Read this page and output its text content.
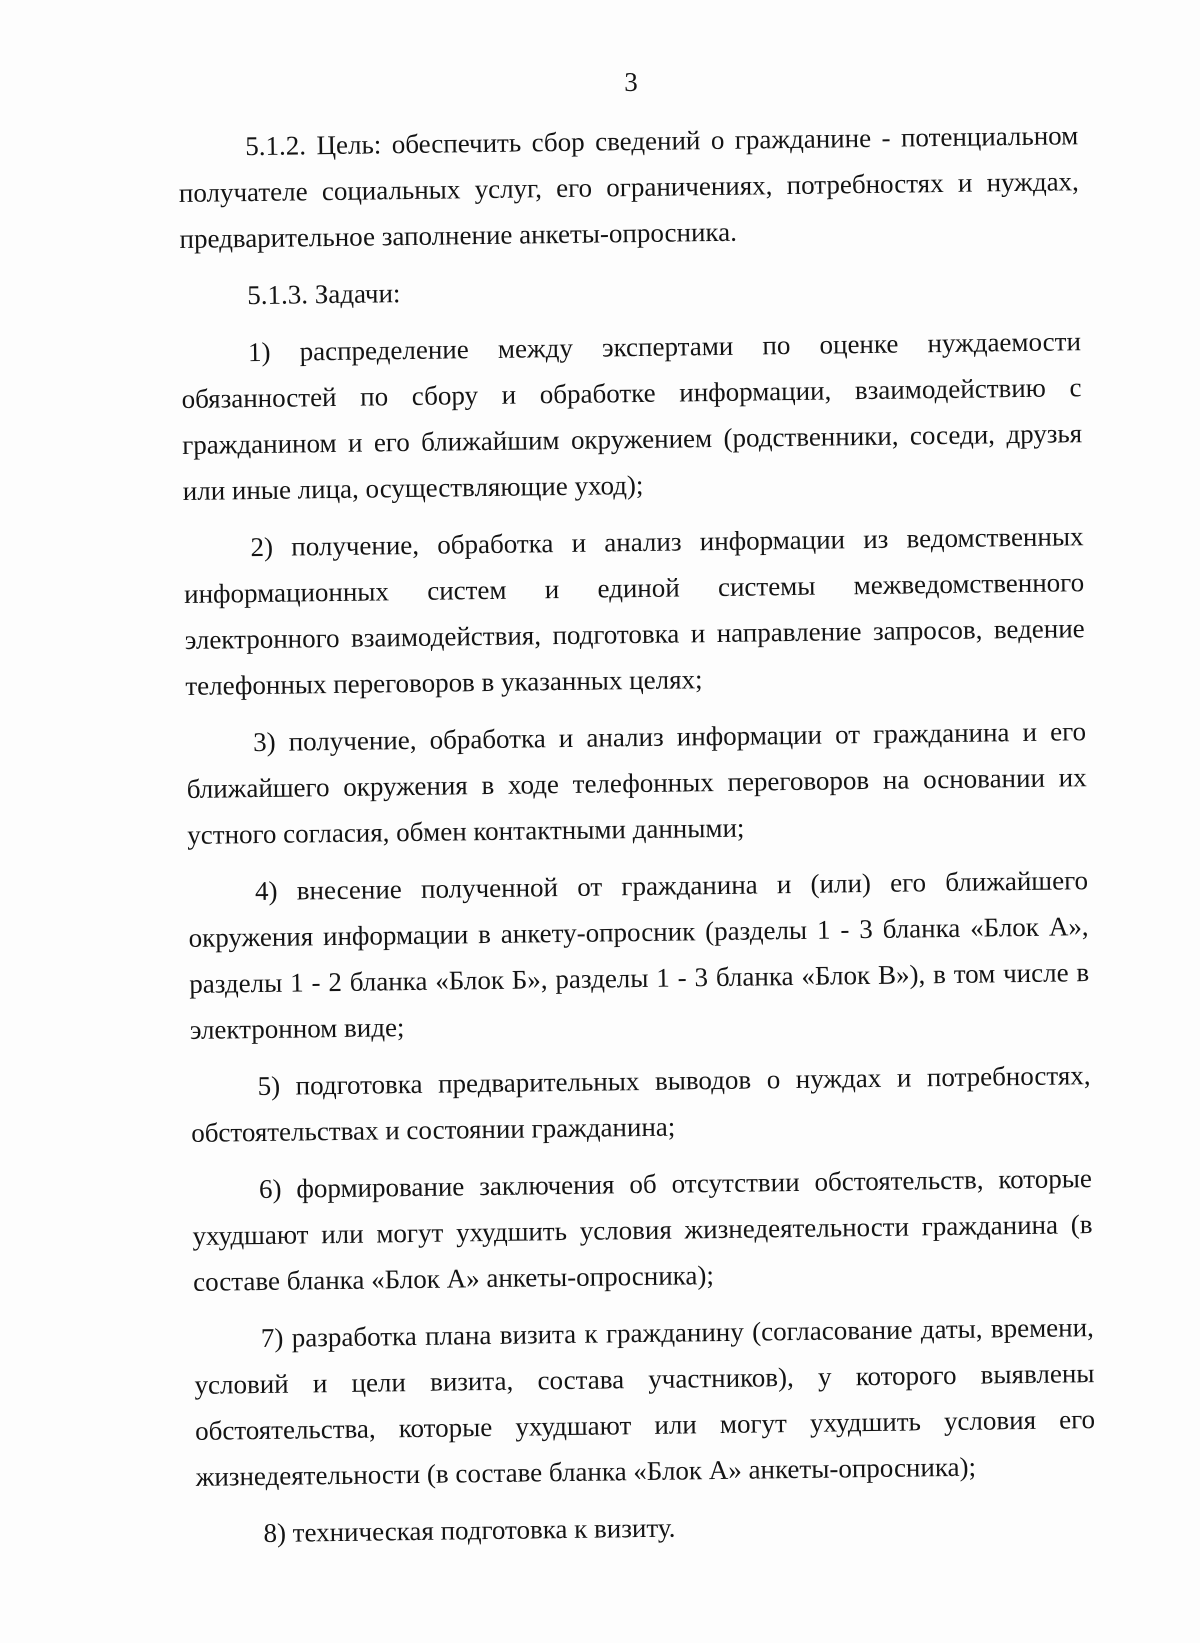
3

5.1.2. Цель: обеспечить сбор сведений о гражданине - потенциальном получателе социальных услуг, его ограничениях, потребностях и нуждах, предварительное заполнение анкеты-опросника.

5.1.3. Задачи:

1) распределение между экспертами по оценке нуждаемости обязанностей по сбору и обработке информации, взаимодействию с гражданином и его ближайшим окружением (родственники, соседи, друзья или иные лица, осуществляющие уход);

2) получение, обработка и анализ информации из ведомственных информационных систем и единой системы межведомственного электронного взаимодействия, подготовка и направление запросов, ведение телефонных переговоров в указанных целях;

3) получение, обработка и анализ информации от гражданина и его ближайшего окружения в ходе телефонных переговоров на основании их устного согласия, обмен контактными данными;

4) внесение полученной от гражданина и (или) его ближайшего окружения информации в анкету-опросник (разделы 1 - 3 бланка «Блок А», разделы 1 - 2 бланка «Блок Б», разделы 1 - 3 бланка «Блок В»), в том числе в электронном виде;

5) подготовка предварительных выводов о нуждах и потребностях, обстоятельствах и состоянии гражданина;

6) формирование заключения об отсутствии обстоятельств, которые ухудшают или могут ухудшить условия жизнедеятельности гражданина (в составе бланка «Блок А» анкеты-опросника);

7) разработка плана визита к гражданину (согласование даты, времени, условий и цели визита, состава участников), у которого выявлены обстоятельства, которые ухудшают или могут ухудшить условия его жизнедеятельности (в составе бланка «Блок А» анкеты-опросника);

8) техническая подготовка к визиту.
